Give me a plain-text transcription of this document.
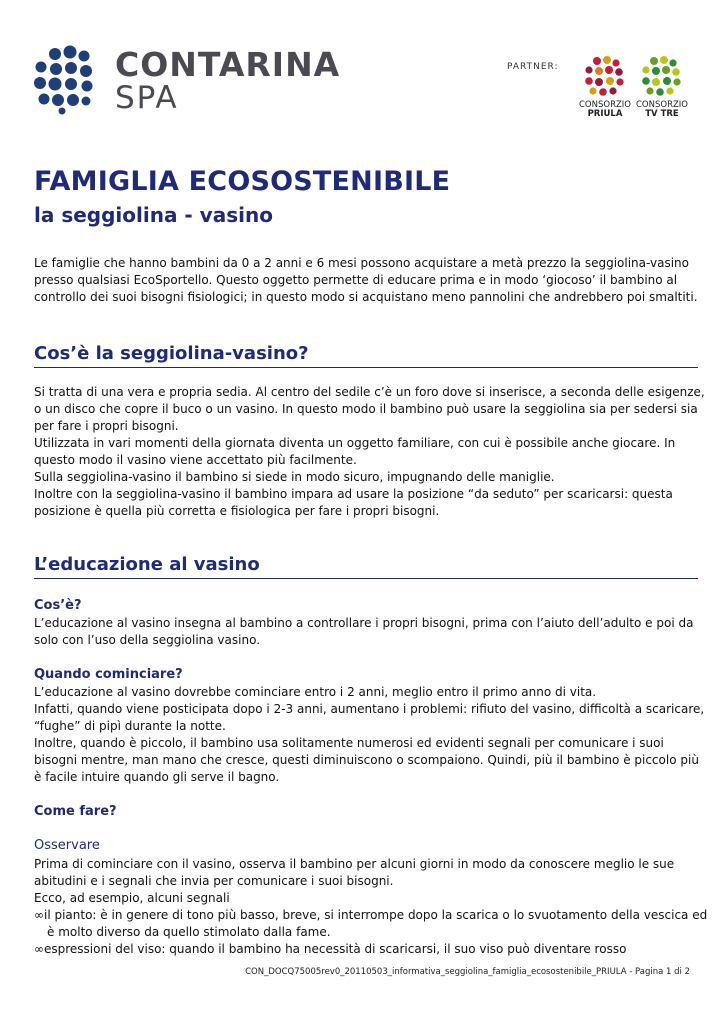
CONTARINA
SPA
PARTNER:
CONSORZIO
PRIULA
CONSORZIO
TV TRE
FAMIGLIA ECOSOSTENIBILE
la seggiolina - vasino
Le famiglie che hanno bambini da 0 a 2 anni e 6 mesi possono acquistare a metà prezzo la seggiolina-vasino
presso qualsiasi EcoSportello. Questo oggetto permette di educare prima e in modo ‘giocoso’ il bambino al
controllo dei suoi bisogni fisiologici; in questo modo si acquistano meno pannolini che andrebbero poi smaltiti.
Cos’è la seggiolina-vasino?
Si tratta di una vera e propria sedia. Al centro del sedile c’è un foro dove si inserisce, a seconda delle esigenze,
o un disco che copre il buco o un vasino. In questo modo il bambino può usare la seggiolina sia per sedersi sia
per fare i propri bisogni.
Utilizzata in vari momenti della giornata diventa un oggetto familiare, con cui è possibile anche giocare. In
questo modo il vasino viene accettato più facilmente.
Sulla seggiolina-vasino il bambino si siede in modo sicuro, impugnando delle maniglie.
Inoltre con la seggiolina-vasino il bambino impara ad usare la posizione “da seduto” per scaricarsi: questa
posizione è quella più corretta e fisiologica per fare i propri bisogni.
L’educazione al vasino
Cos’è?
L’educazione al vasino insegna al bambino a controllare i propri bisogni, prima con l’aiuto dell’adulto e poi da
solo con l’uso della seggiolina vasino.
Quando cominciare?
L’educazione al vasino dovrebbe cominciare entro i 2 anni, meglio entro il primo anno di vita.
Infatti, quando viene posticipata dopo i 2-3 anni, aumentano i problemi: rifiuto del vasino, difficoltà a scaricare,
“fughe” di pipì durante la notte.
Inoltre, quando è piccolo, il bambino usa solitamente numerosi ed evidenti segnali per comunicare i suoi
bisogni mentre, man mano che cresce, questi diminuiscono o scompaiono. Quindi, più il bambino è piccolo più
è facile intuire quando gli serve il bagno.
Come fare?
Osservare
Prima di cominciare con il vasino, osserva il bambino per alcuni giorni in modo da conoscere meglio le sue
abitudini e i segnali che invia per comunicare i suoi bisogni.
Ecco, ad esempio, alcuni segnali
∞il pianto: è in genere di tono più basso, breve, si interrompe dopo la scarica o lo svuotamento della vescica ed
è molto diverso da quello stimolato dalla fame.
∞espressioni del viso: quando il bambino ha necessità di scaricarsi, il suo viso può diventare rosso
CON_DOCQ75005rev0_20110503_informativa_seggiolina_famiglia_ecosostenibile_PRIULA - Pagina 1 di 2
